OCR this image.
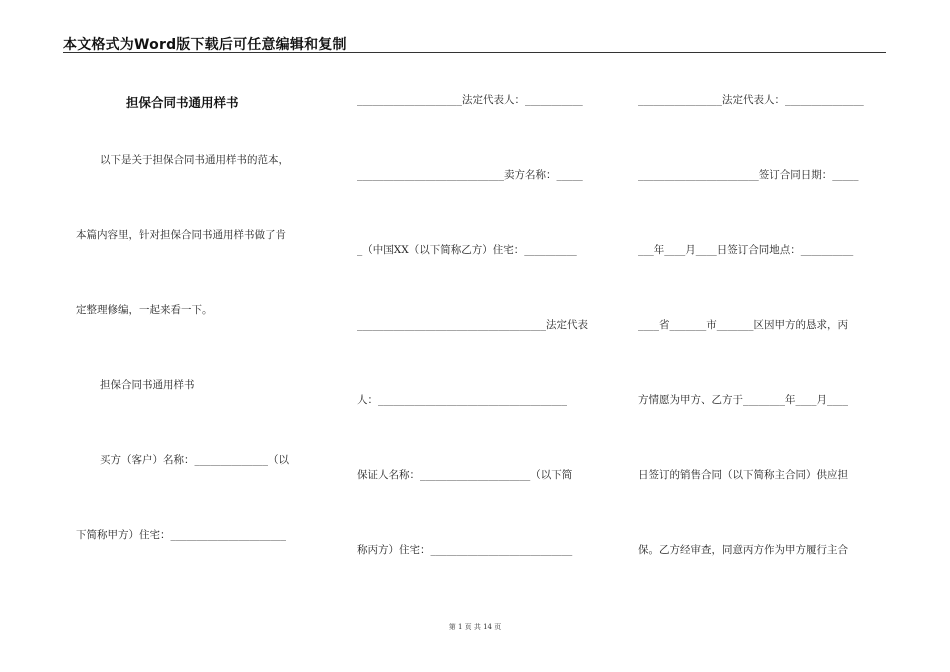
本文格式为Word版下载后可任意编辑和复制
担保合同书通用样书
以下是关于担保合同书通用样书的范本，
本篇内容里，针对担保合同书通用样书做了肯
定整理修编，一起来看一下。
担保合同书通用样书
买方（客户）名称：______________（以
下简称甲方）住宅：______________________
____________________法定代表人：___________
____________________________卖方名称：_____
_（中国XX（以下简称乙方）住宅：__________
____________________________________法定代表
人：____________________________________
保证人名称：_____________________（以下简
称丙方）住宅：___________________________
________________法定代表人：_______________
_______________________签订合同日期：_____
___年____月____日签订合同地点：__________
____省_______市_______区因甲方的恳求，丙
方情愿为甲方、乙方于________年____月____
日签订的销售合同（以下简称主合同）供应担
保。乙方经审查，同意丙方作为甲方履行主合
第 1 页 共 14 页
